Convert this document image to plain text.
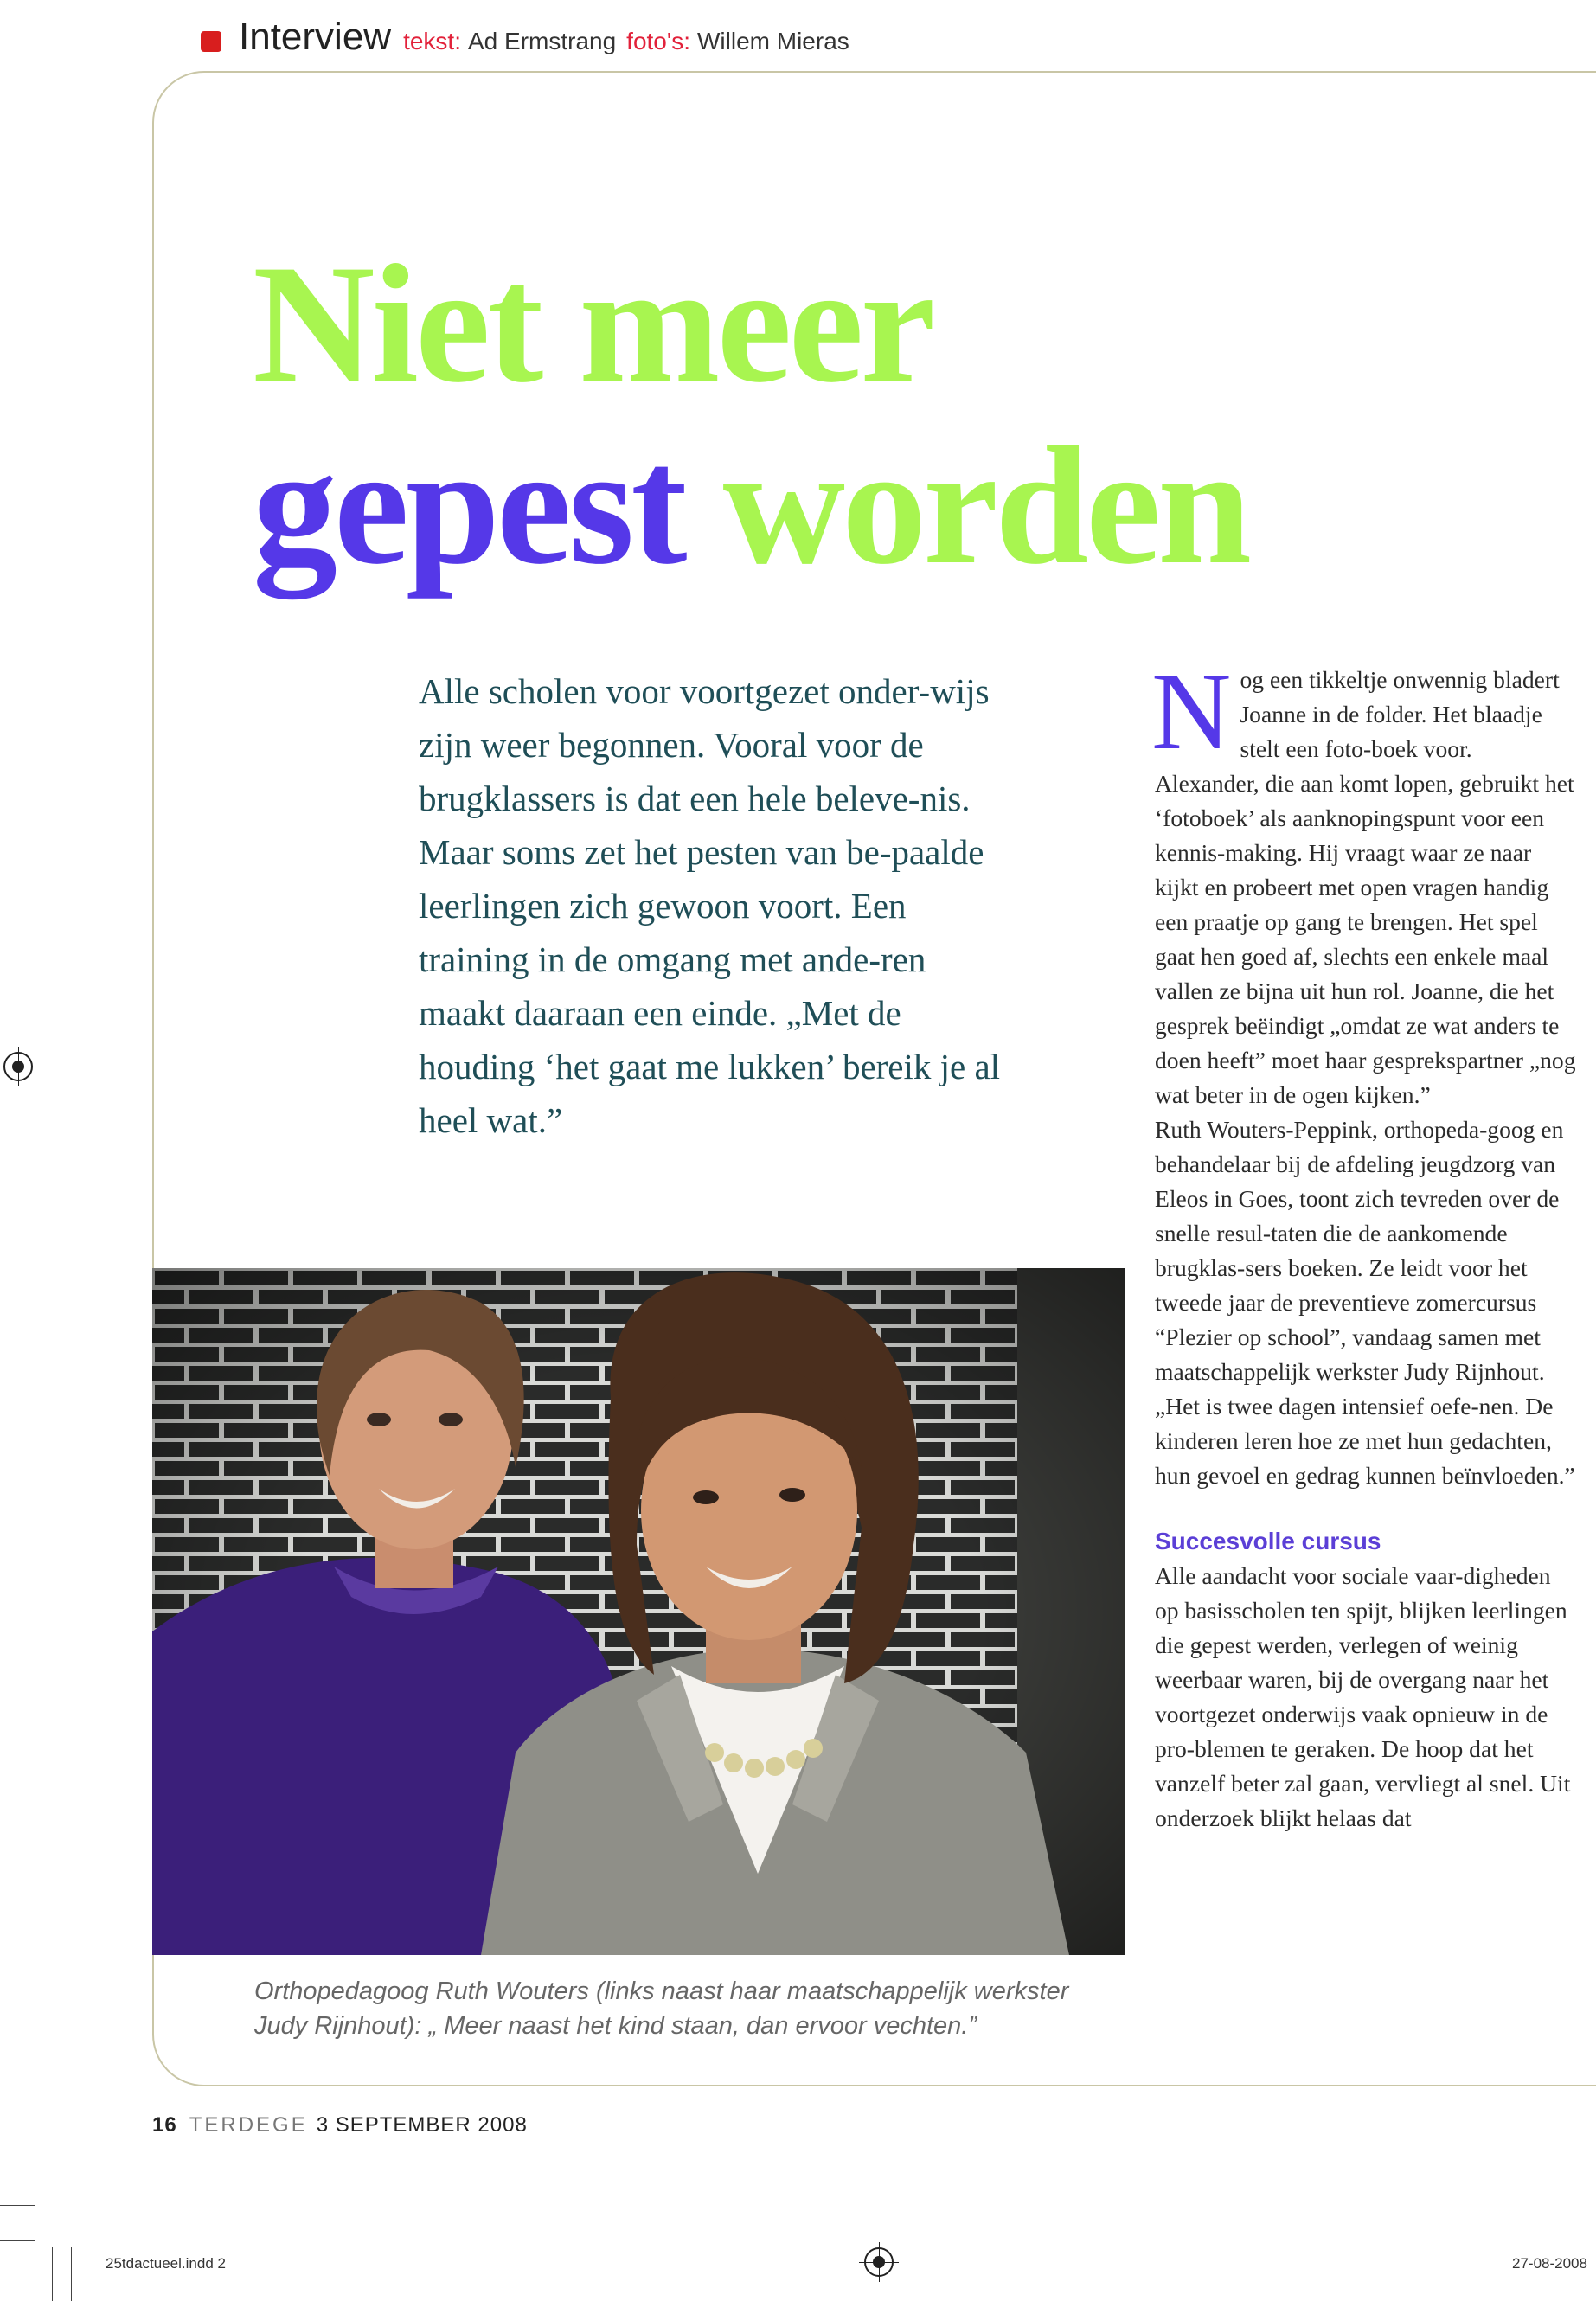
Interview tekst: Ad Ermstrang foto's: Willem Mieras
Niet meer
gepest worden
Alle scholen voor voortgezet onder-wijs zijn weer begonnen. Vooral voor de brugklassers is dat een hele beleve-nis. Maar soms zet het pesten van be-paalde leerlingen zich gewoon voort. Een training in de omgang met ande-ren maakt daaraan een einde. „Met de houding ‘het gaat me lukken’ bereik je al heel wat.”
Orthopedagoog Ruth Wouters (links naast haar maatschappelijk werkster Judy Rijnhout): „ Meer naast het kind staan, dan ervoor vechten.”

Nog een tikkeltje onwennig bladert Joanne in de folder. Het blaadje stelt een foto-boek voor. Alexander, die aan komt lopen, gebruikt het ‘fotoboek’ als aanknopingspunt voor een kennis-making. Hij vraagt waar ze naar kijkt en probeert met open vragen handig een praatje op gang te brengen. Het spel gaat hen goed af, slechts een enkele maal vallen ze bijna uit hun rol. Joanne, die het gesprek beëindigt „omdat ze wat anders te doen heeft” moet haar gesprekspartner „nog wat beter in de ogen kijken.”

Ruth Wouters-Peppink, orthopeda-goog en behandelaar bij de afdeling jeugdzorg van Eleos in Goes, toont zich tevreden over de snelle resul-taten die de aankomende brugklas-sers boeken. Ze leidt voor het tweede jaar de preventieve zomercursus “Plezier op school”, vandaag samen met maatschappelijk werkster Judy Rijnhout.

„Het is twee dagen intensief oefe-nen. De kinderen leren hoe ze met hun gedachten, hun gevoel en gedrag kunnen beïnvloeden.”

Succesvolle cursus

Alle aandacht voor sociale vaar-digheden op basisscholen ten spijt, blijken leerlingen die gepest werden, verlegen of weinig weerbaar waren, bij de overgang naar het voortgezet onderwijs vaak opnieuw in de pro-blemen te geraken. De hoop dat het vanzelf beter zal gaan, vervliegt al snel. Uit onderzoek blijkt helaas dat

16 TERDEGE 3 SEPTEMBER 2008
25tdactueel.indd 2	27-08-2008
